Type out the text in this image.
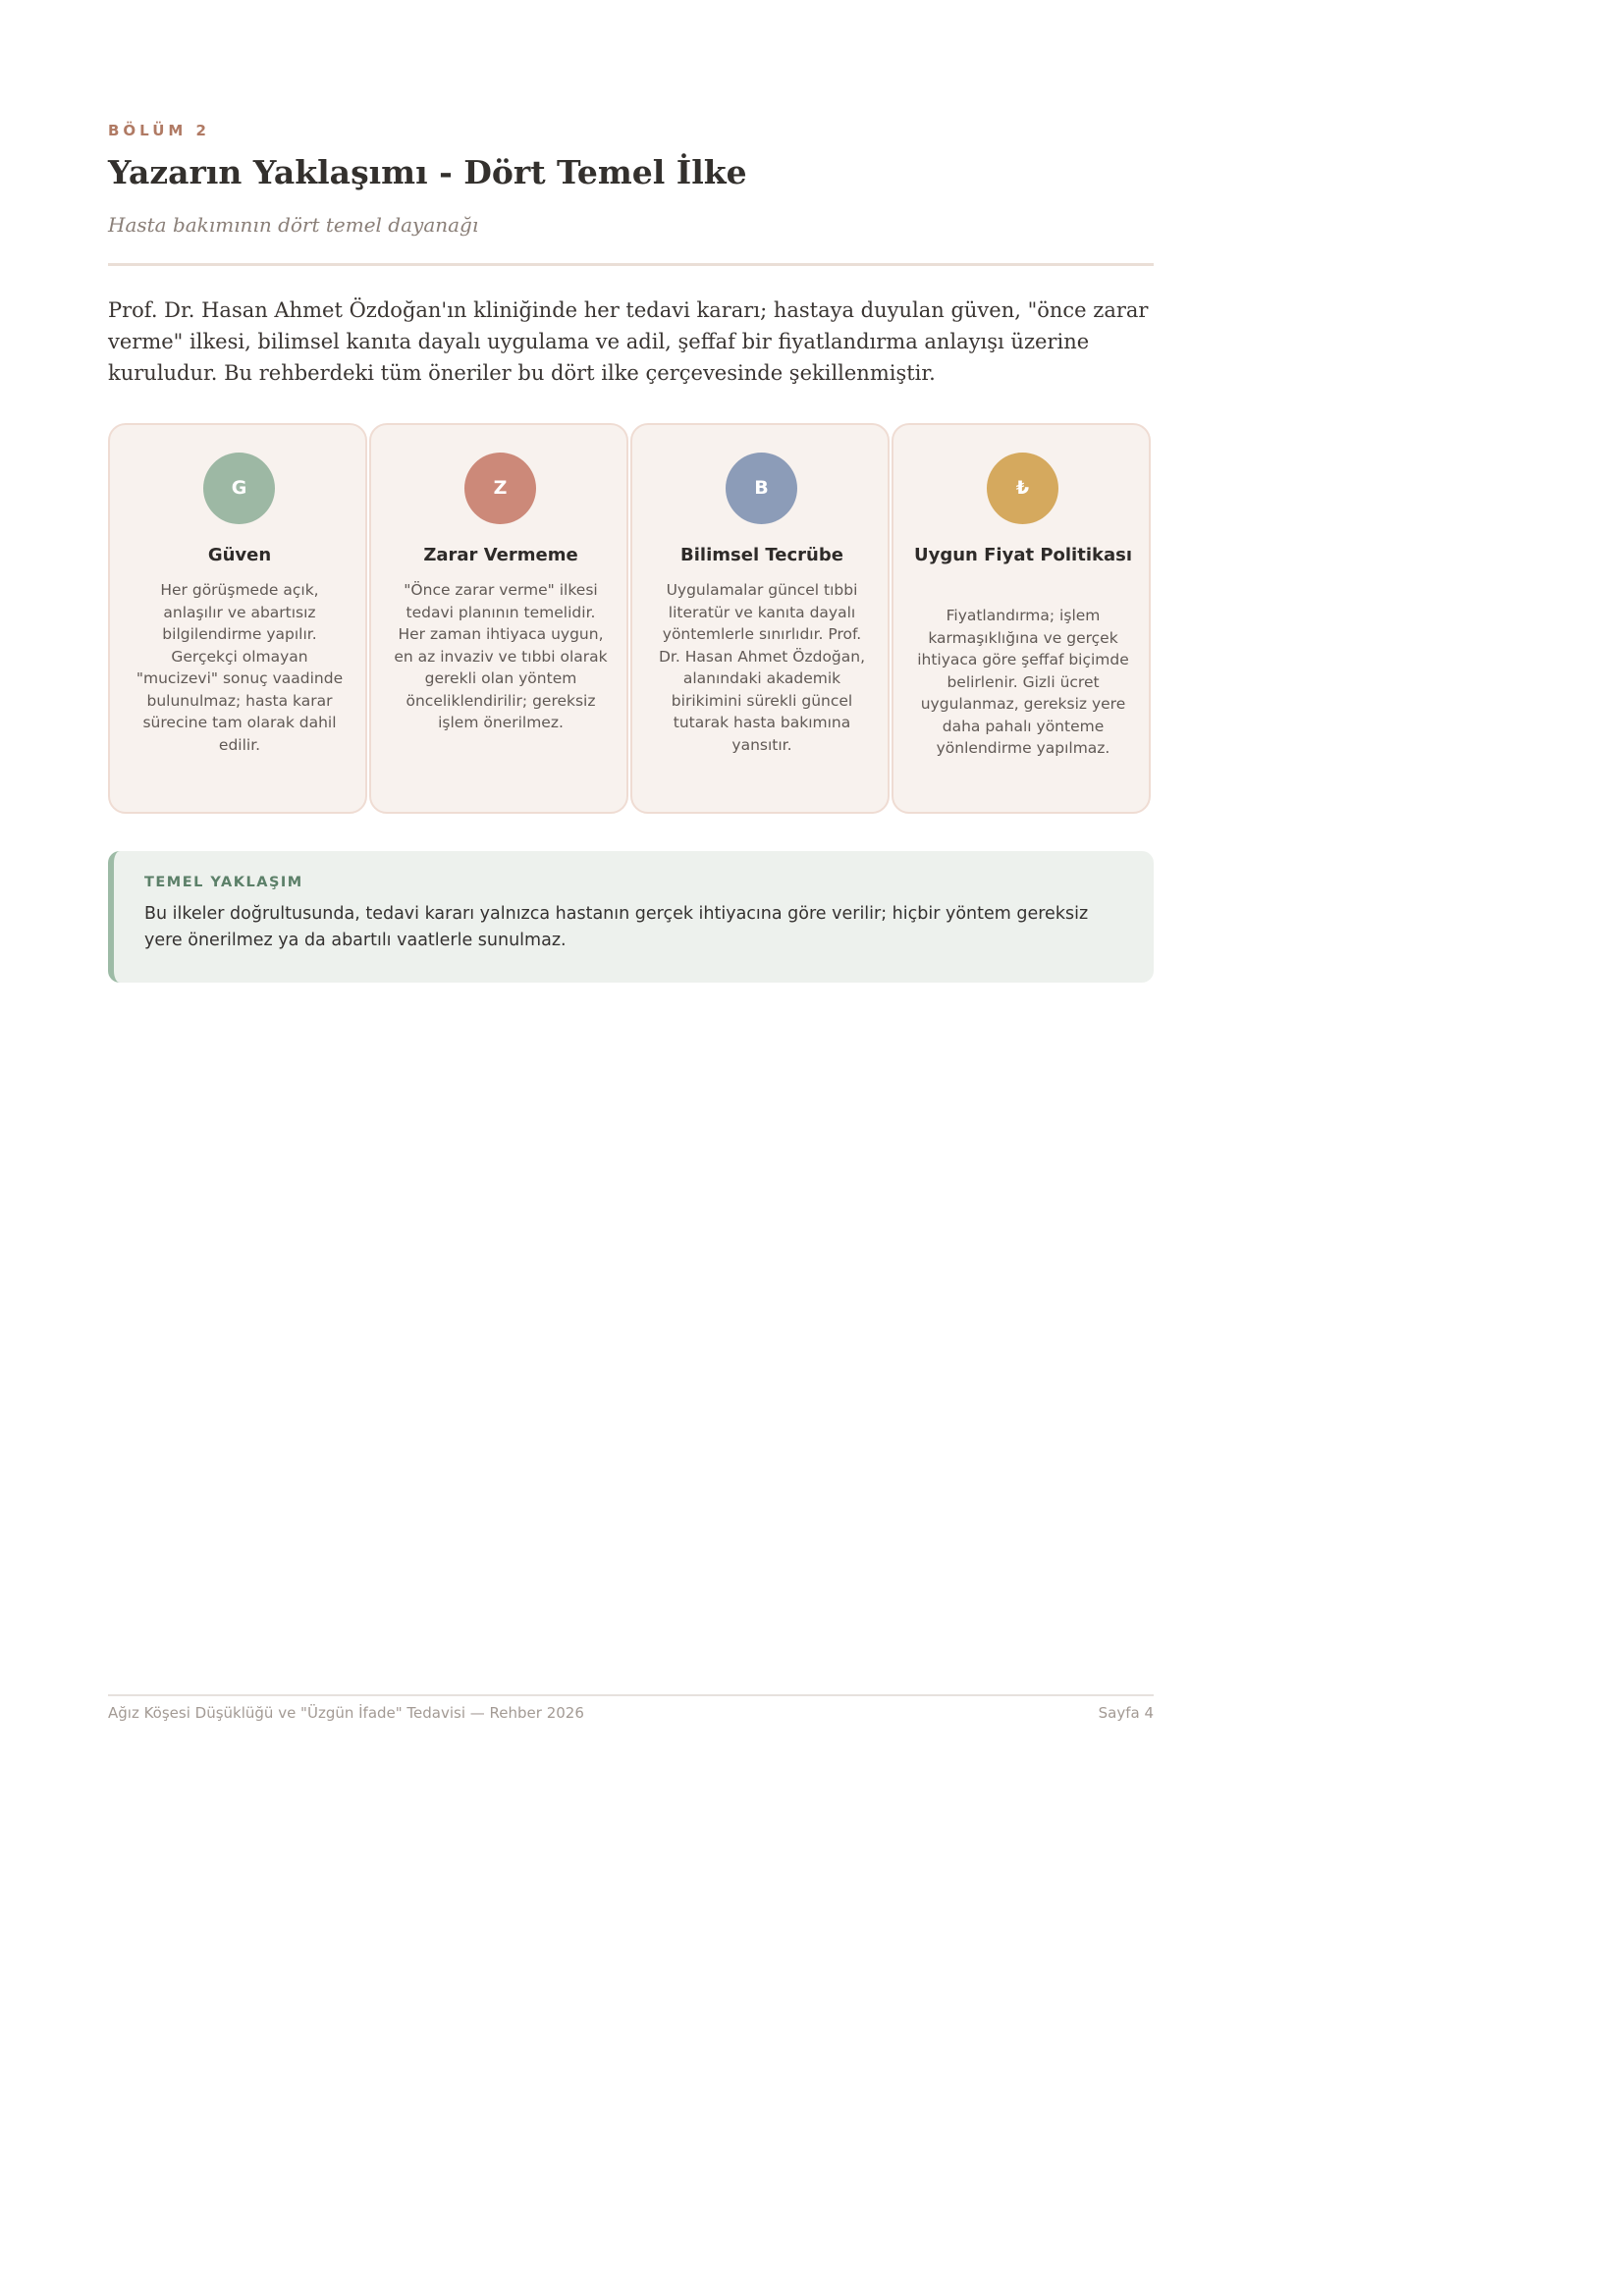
BÖLÜM 2
Yazarın Yaklaşımı - Dört Temel İlke
Hasta bakımının dört temel dayanağı

Prof. Dr. Hasan Ahmet Özdoğan'ın kliniğinde her tedavi kararı; hastaya duyulan güven, "önce zarar verme" ilkesi, bilimsel kanıta dayalı uygulama ve adil, şeffaf bir fiyatlandırma anlayışı üzerine kuruludur. Bu rehberdeki tüm öneriler bu dört ilke çerçevesinde şekillenmiştir.

G
Güven
Her görüşmede açık, anlaşılır ve abartısız bilgilendirme yapılır. Gerçekçi olmayan "mucizevi" sonuç vaadinde bulunulmaz; hasta karar sürecine tam olarak dahil edilir.
Z
Zarar Vermeme
"Önce zarar verme" ilkesi tedavi planının temelidir. Her zaman ihtiyaca uygun, en az invaziv ve tıbbi olarak gerekli olan yöntem önceliklendirilir; gereksiz işlem önerilmez.
B
Bilimsel Tecrübe
Uygulamalar güncel tıbbi literatür ve kanıta dayalı yöntemlerle sınırlıdır. Prof. Dr. Hasan Ahmet Özdoğan, alanındaki akademik birikimini sürekli güncel tutarak hasta bakımına yansıtır.
₺
Uygun Fiyat Politikası
Fiyatlandırma; işlem karmaşıklığına ve gerçek ihtiyaca göre şeffaf biçimde belirlenir. Gizli ücret uygulanmaz, gereksiz yere daha pahalı yönteme yönlendirme yapılmaz.
TEMEL YAKLAŞIM
Bu ilkeler doğrultusunda, tedavi kararı yalnızca hastanın gerçek ihtiyacına göre verilir; hiçbir yöntem gereksiz yere önerilmez ya da abartılı vaatlerle sunulmaz.
Ağız Köşesi Düşüklüğü ve "Üzgün İfade" Tedavisi — Rehber 2026	Sayfa 4
